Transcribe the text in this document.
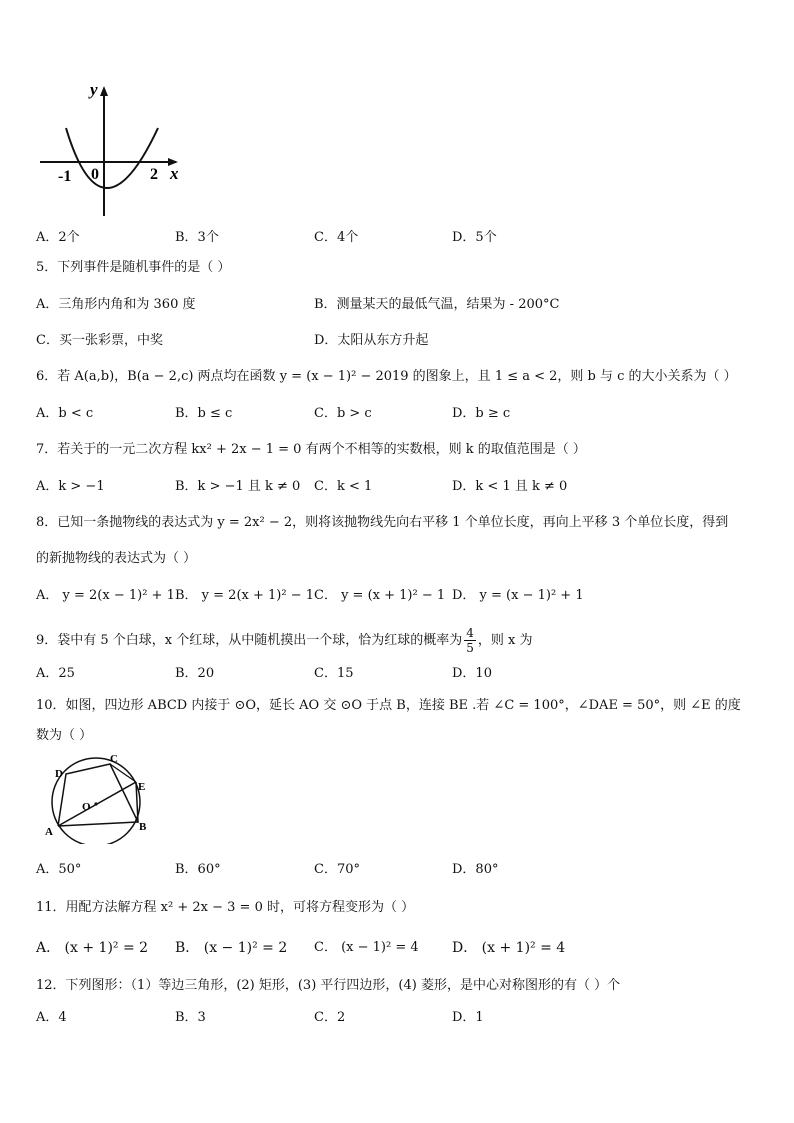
y
x
-1 0	2
A．2个	B．3个	C．4个	D．5个
5．下列事件是随机事件的是（ ）
A．三角形内角和为 360 度	B．测量某天的最低气温，结果为 - 200°C
C．买一张彩票，中奖	D．太阳从东方升起
6．若 A(a,b)，B(a − 2,c) 两点均在函数 y = (x − 1)² − 2019 的图象上，且 1 ≤ a < 2，则 b 与 c 的大小关系为（ ）
A．b < c	B．b ≤ c	C．b > c	D．b ≥ c
7．若关于的一元二次方程 kx² + 2x − 1 = 0 有两个不相等的实数根，则 k 的取值范围是（ ）
A．k > −1	B．k > −1 且 k ≠ 0 C．k < 1	D．k < 1 且 k ≠ 0
8．已知一条抛物线的表达式为 y = 2x² − 2，则将该抛物线先向右平移 1 个单位长度，再向上平移 3 个单位长度，得到
的新抛物线的表达式为（ ）
A． y = 2(x − 1)² + 1 B． y = 2(x + 1)² − 1 C． y = (x + 1)² − 1 D． y = (x − 1)² + 1
9．袋中有 5 个白球，x 个红球，从中随机摸出一个球，恰为红球的概率为 $\frac{4}{5}$ ，则 x 为
A．25	B．20	C．15	D．10
10．如图，四边形 ABCD 内接于 ⊙O，延长 AO 交 ⊙O 于点 B，连接 BE .若 ∠C = 100°，∠DAE = 50°，则 ∠E 的度
数为（ ）
D
C
E
O
A	B
A．50°	B．60°	C．70°	D．80°
11．用配方法解方程 x² + 2x − 3 = 0 时，可将方程变形为（ ）
A． (x + 1)² = 2 B． (x − 1)² = 2 C． (x − 1)² = 4 D． (x + 1)² = 4
12．下列图形：（1）等边三角形，(2) 矩形，(3) 平行四边形，(4) 菱形，是中心对称图形的有（ ）个
A．4	B．3	C．2	D．1
